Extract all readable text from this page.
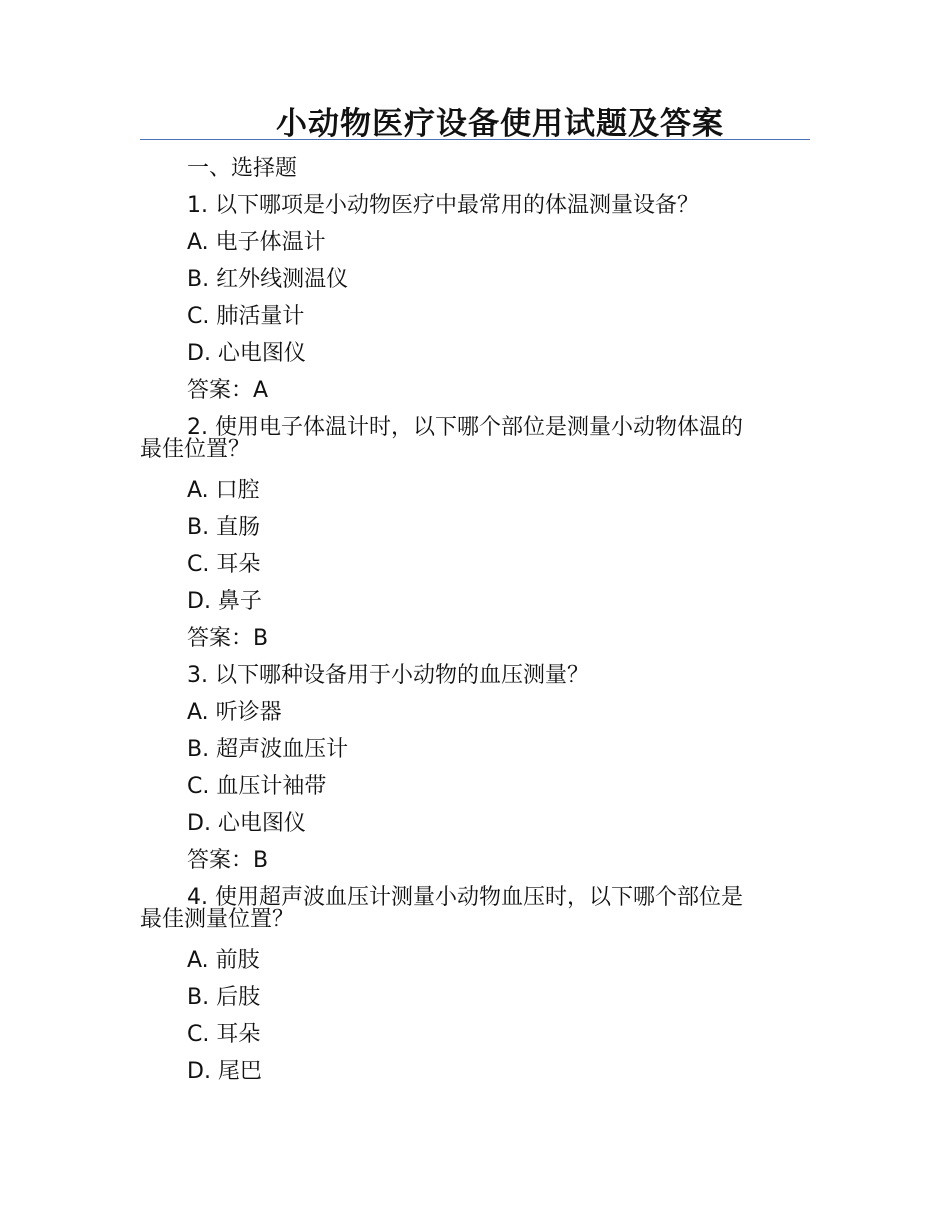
小动物医疗设备使用试题及答案
一、选择题
1. 以下哪项是小动物医疗中最常用的体温测量设备？
A. 电子体温计
B. 红外线测温仪
C. 肺活量计
D. 心电图仪
答案：A
2. 使用电子体温计时，以下哪个部位是测量小动物体温的
最佳位置？
A. 口腔
B. 直肠
C. 耳朵
D. 鼻子
答案：B
3. 以下哪种设备用于小动物的血压测量？
A. 听诊器
B. 超声波血压计
C. 血压计袖带
D. 心电图仪
答案：B
4. 使用超声波血压计测量小动物血压时，以下哪个部位是
最佳测量位置？
A. 前肢
B. 后肢
C. 耳朵
D. 尾巴
